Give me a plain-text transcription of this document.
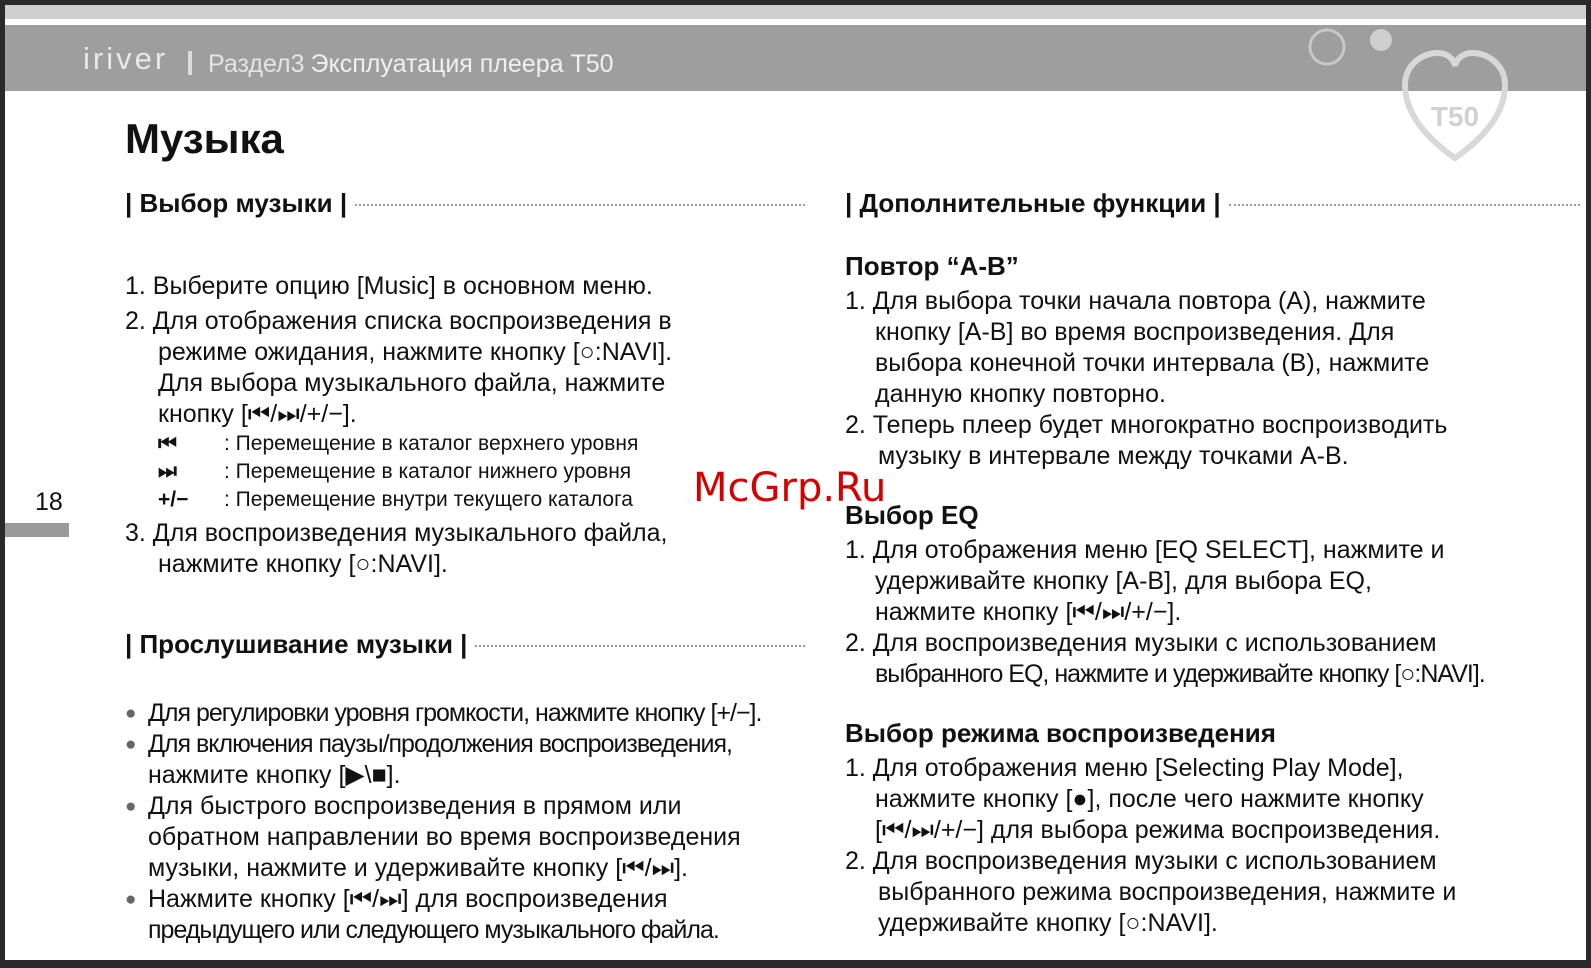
iriver Раздел3 Эксплуатация плеера T50
T50
Музыка
18
| Выбор музыки |
1. Выберите опцию [Music] в основном меню.
2. Для отображения списка воспроизведения в
режиме ожидания, нажмите кнопку [○:NAVI].
Для выбора музыкального файла, нажмите
кнопку [⏮/⏭/+/−].
⏮ : Перемещение в каталог верхнего уровня
⏭ : Перемещение в каталог нижнего уровня
+/− : Перемещение внутри текущего каталога
3. Для воспроизведения музыкального файла,
нажмите кнопку [○:NAVI].
| Прослушивание музыки |
● Для регулировки уровня громкости, нажмите кнопку [+/−].
● Для включения паузы/продолжения воспроизведения,
нажмите кнопку [▶\■].
● Для быстрого воспроизведения в прямом или
обратном направлении во время воспроизведения
музыки, нажмите и удерживайте кнопку [⏮/⏭].
● Нажмите кнопку [⏮/⏭] для воспроизведения
предыдущего или следующего музыкального файла.
| Дополнительные функции |
Повтор “A-B”
1. Для выбора точки начала повтора (A), нажмите
кнопку [A-B] во время воспроизведения. Для
выбора конечной точки интервала (B), нажмите
данную кнопку повторно.
2. Теперь плеер будет многократно воспроизводить
музыку в интервале между точками A-B.
Выбор EQ
1. Для отображения меню [EQ SELECT], нажмите и
удерживайте кнопку [A-B], для выбора EQ,
нажмите кнопку [⏮/⏭/+/−].
2. Для воспроизведения музыки с использованием
выбранного EQ, нажмите и удерживайте кнопку [○:NAVI].
Выбор режима воспроизведения
1. Для отображения меню [Selecting Play Mode],
нажмите кнопку [●], после чего нажмите кнопку
[⏮/⏭/+/−] для выбора режима воспроизведения.
2. Для воспроизведения музыки с использованием
выбранного режима воспроизведения, нажмите и
удерживайте кнопку [○:NAVI].
McGrp.Ru
